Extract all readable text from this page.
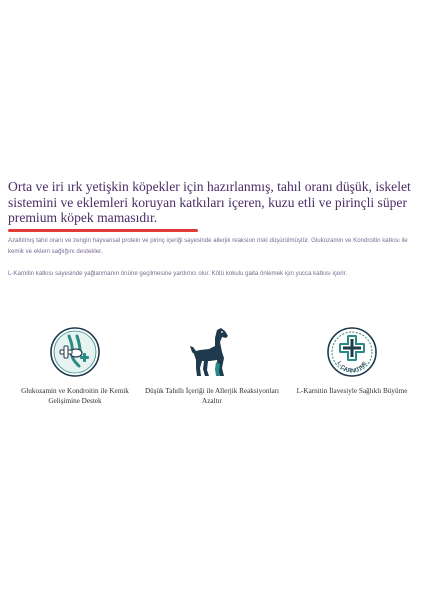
Orta ve iri ırk yetişkin köpekler için hazırlanmış, tahıl oranı düşük, iskelet sistemini ve eklemleri koruyan katkıları içeren, kuzu etli ve pirinçli süper premium köpek mamasıdır.

Azaltılmış tahıl oranı ve zengin hayvansal protein ve pirinç içeriği sayesinde allerjik reaksion riski düşürülmüştür. Glukozamin ve Kondroitin katkısı ile kemik ve eklem sağlığını destekler.

L-Karnitin katkısı sayesinde yağlanmanın önüne geçilmesine yardımcı olur. Kötü kokulu gaita önlemek için yucca katkısı içerir.

Glukozamin ve Kondroitin ile Kemik Gelişimine Destek
Düşük Tahıllı İçeriği ile Allerjik Reaksiyonları Azaltır
L-CARNITINE
L-Karnitin İlavesiyle Sağlıklı Büyüme
